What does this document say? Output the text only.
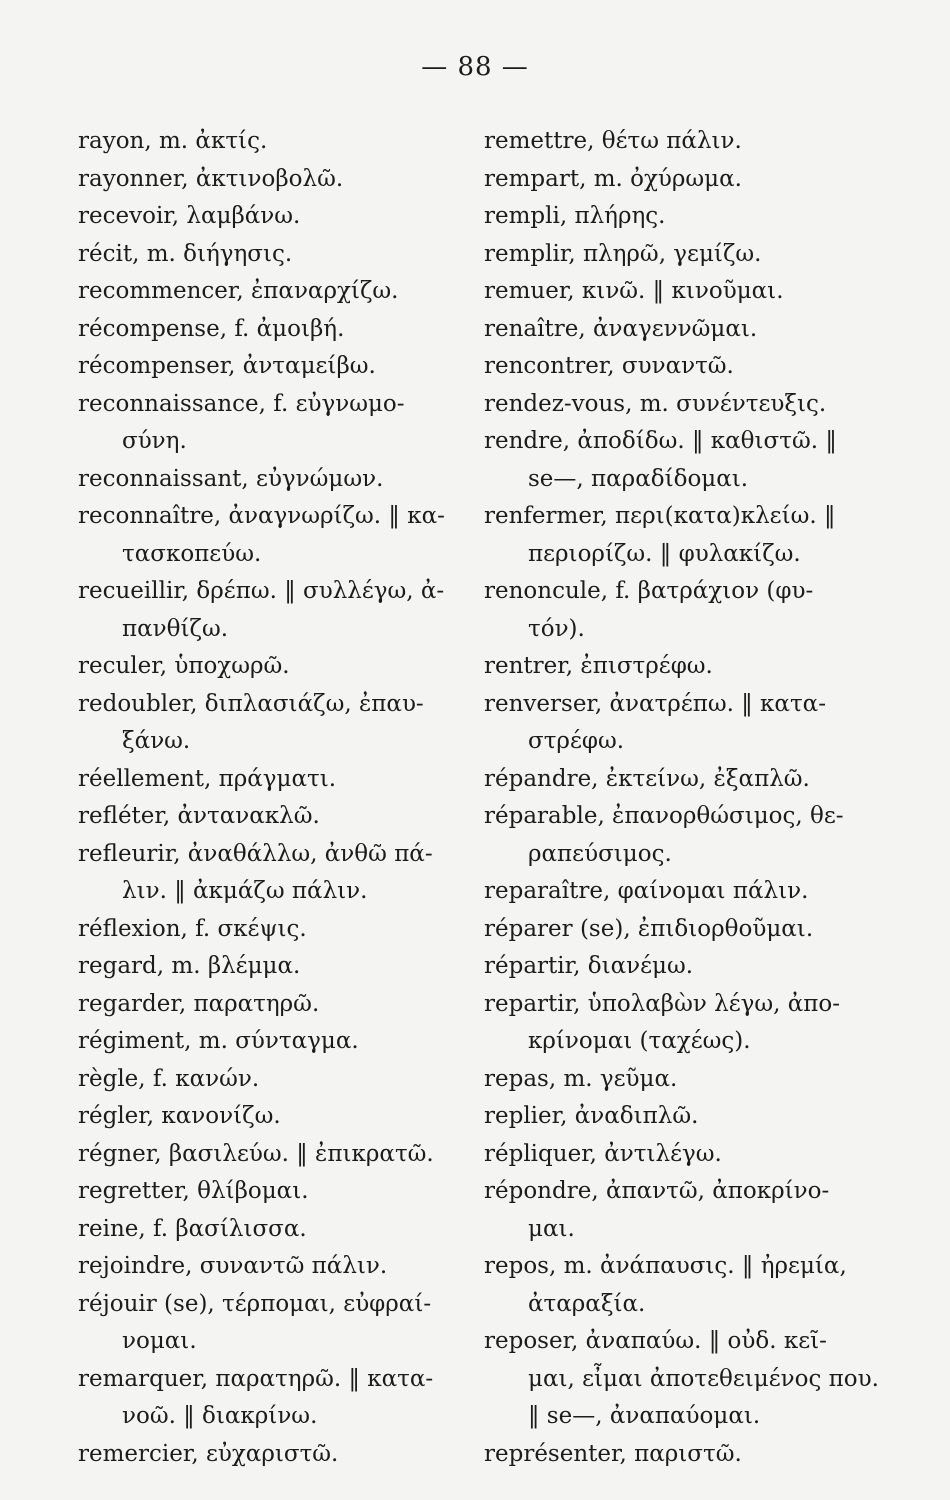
— 88 —
rayon, m. ἀκτίς.
rayonner, ἀκτινοβολῶ.
recevoir, λαμβάνω.
récit, m. διήγησις.
recommencer, ἐπαναρχίζω.
récompense, f. ἀμοιβή.
récompenser, ἀνταμείβω.
reconnaissance, f. εὐγνωμο-
σύνη.
reconnaissant, εὐγνώμων.
reconnaître, ἀναγνωρίζω. ‖ κα-
τασκοπεύω.
recueillir, δρέπω. ‖ συλλέγω, ἀ-
πανθίζω.
reculer, ὑποχωρῶ.
redoubler, διπλασιάζω, ἐπαυ-
ξάνω.
réellement, πράγματι.
refléter, ἀντανακλῶ.
refleurir, ἀναθάλλω, ἀνθῶ πά-
λιν. ‖ ἀκμάζω πάλιν.
réflexion, f. σκέψις.
regard, m. βλέμμα.
regarder, παρατηρῶ.
régiment, m. σύνταγμα.
règle, f. κανών.
régler, κανονίζω.
régner, βασιλεύω. ‖ ἐπικρατῶ.
regretter, θλίβομαι.
reine, f. βασίλισσα.
rejoindre, συναντῶ πάλιν.
réjouir (se), τέρπομαι, εὐφραί-
νομαι.
remarquer, παρατηρῶ. ‖ κατα-
νοῶ. ‖ διακρίνω.
remercier, εὐχαριστῶ.
remettre, θέτω πάλιν.
rempart, m. ὀχύρωμα.
rempli, πλήρης.
remplir, πληρῶ, γεμίζω.
remuer, κινῶ. ‖ κινοῦμαι.
renaître, ἀναγεννῶμαι.
rencontrer, συναντῶ.
rendez-vous, m. συνέντευξις.
rendre, ἀποδίδω. ‖ καθιστῶ. ‖
se—, παραδίδομαι.
renfermer, περι(κατα)κλείω. ‖
περιορίζω. ‖ φυλακίζω.
renoncule, f. βατράχιον (φυ-
τόν).
rentrer, ἐπιστρέφω.
renverser, ἀνατρέπω. ‖ κατα-
στρέφω.
répandre, ἐκτείνω, ἐξαπλῶ.
réparable, ἐπανορθώσιμος, θε-
ραπεύσιμος.
reparaître, φαίνομαι πάλιν.
réparer (se), ἐπιδιορθοῦμαι.
répartir, διανέμω.
repartir, ὑπολαβὼν λέγω, ἀπο-
κρίνομαι (ταχέως).
repas, m. γεῦμα.
replier, ἀναδιπλῶ.
répliquer, ἀντιλέγω.
répondre, ἀπαντῶ, ἀποκρίνο-
μαι.
repos, m. ἀνάπαυσις. ‖ ἠρεμία,
ἀταραξία.
reposer, ἀναπαύω. ‖ οὐδ. κεῖ-
μαι, εἶμαι ἀποτεθειμένος που.
‖ se—, ἀναπαύομαι.
représenter, παριστῶ.
